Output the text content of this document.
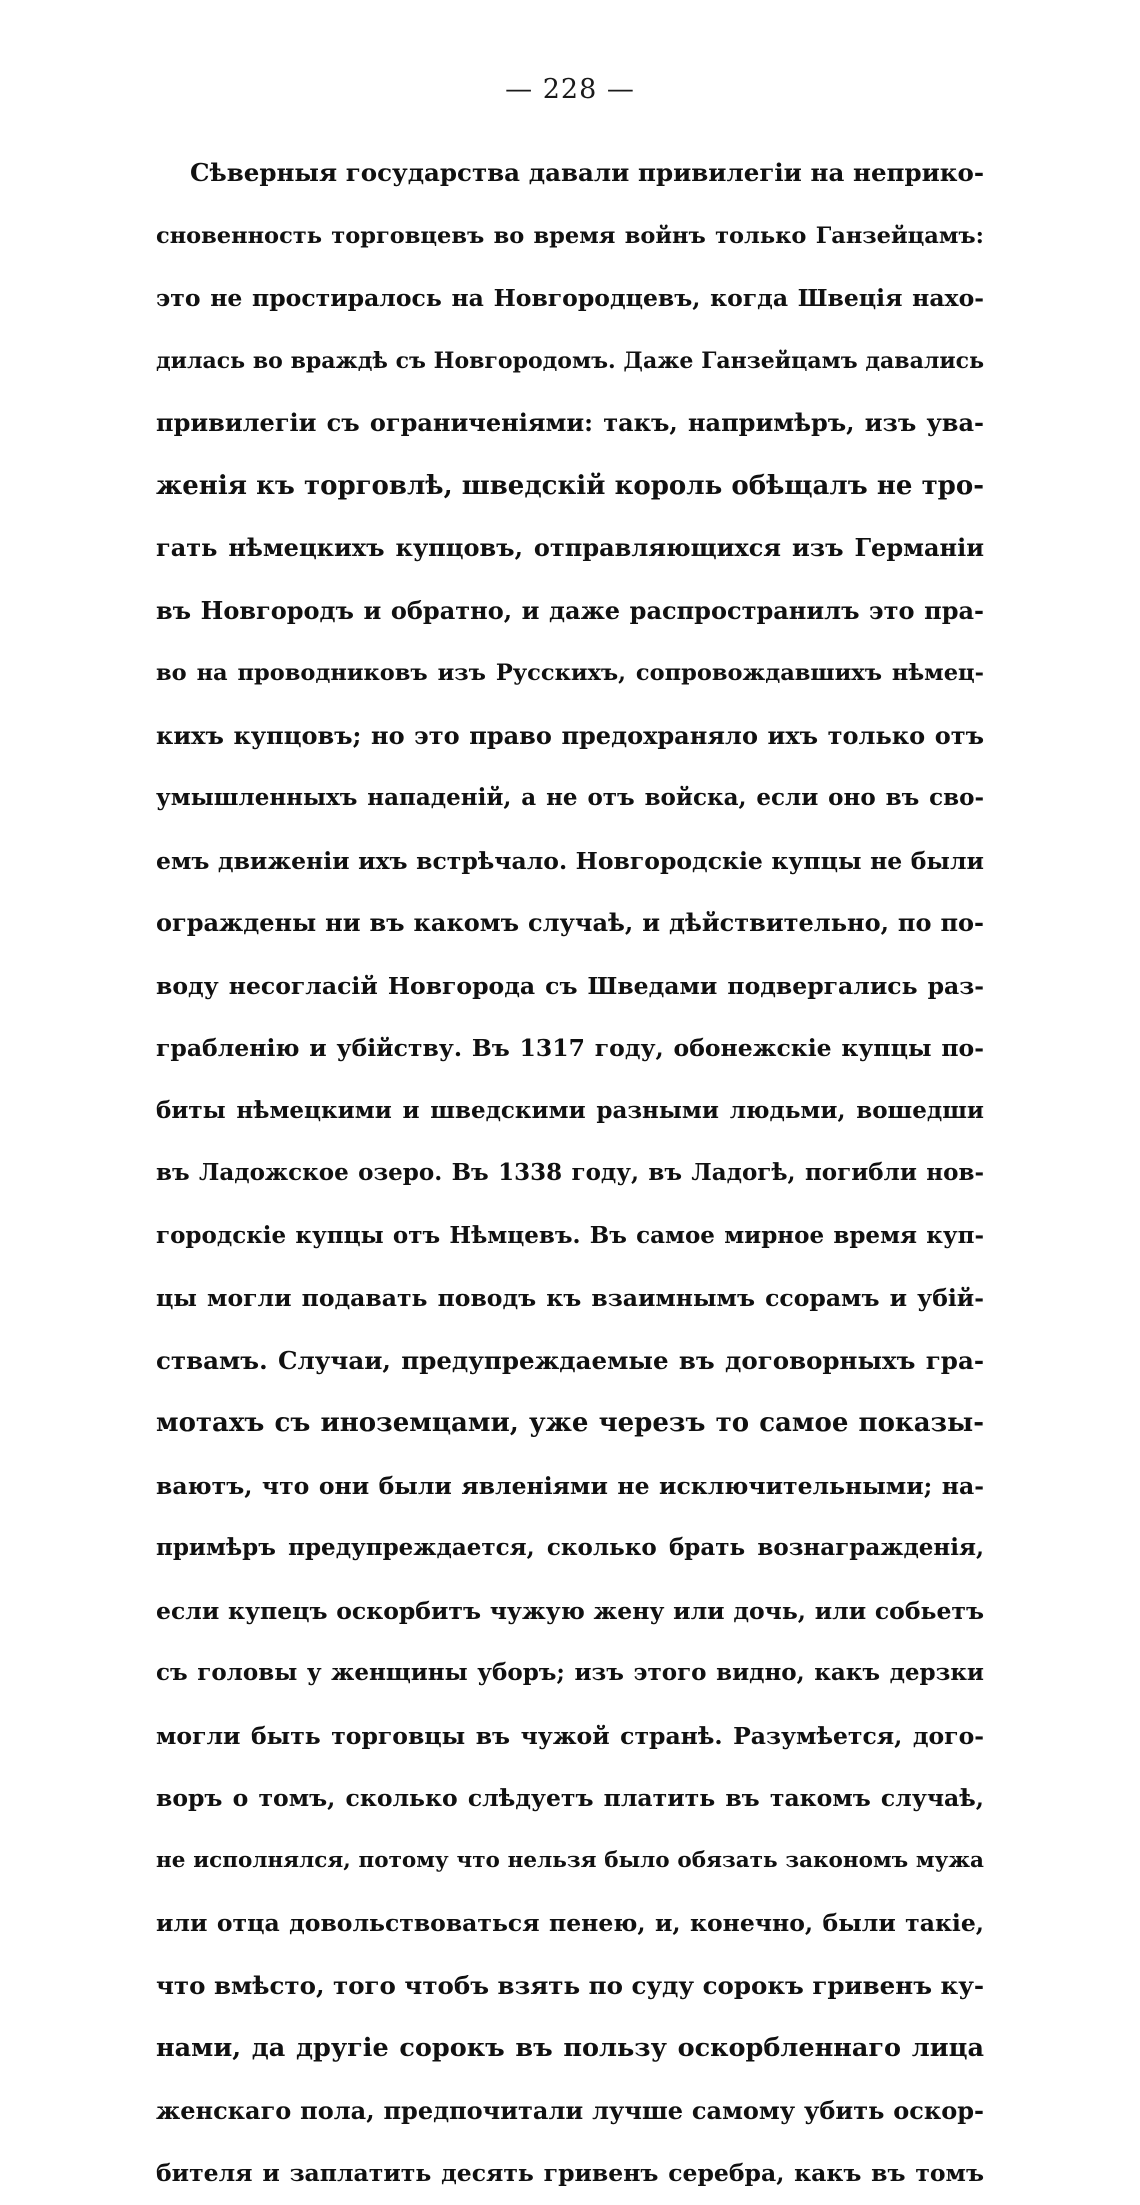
— 228 —
Сѣверныя государства давали привилегіи на неприко-
сновенность торговцевъ во время войнъ только Ганзейцамъ:
это не простиралось на Новгородцевъ, когда Швеція нахо-
дилась во враждѣ съ Новгородомъ. Даже Ганзейцамъ давались
привилегіи съ ограниченіями: такъ, напримѣръ, изъ ува-
женія къ торговлѣ, шведскій король обѣщалъ не тро-
гать нѣмецкихъ купцовъ, отправляющихся изъ Германіи
въ Новгородъ и обратно, и даже распространилъ это пра-
во на проводниковъ изъ Русскихъ, сопровождавшихъ нѣмец-
кихъ купцовъ; но это право предохраняло ихъ только отъ
умышленныхъ нападеній, а не отъ войска, если оно въ сво-
емъ движеніи ихъ встрѣчало. Новгородскіе купцы не были
ограждены ни въ какомъ случаѣ, и дѣйствительно, по по-
воду несогласій Новгорода съ Шведами подвергались раз-
грабленію и убійству. Въ 1317 году, обонежскіе купцы по-
биты нѣмецкими и шведскими разными людьми, вошедши
въ Ладожское озеро. Въ 1338 году, въ Ладогѣ, погибли нов-
городскіе купцы отъ Нѣмцевъ. Въ самое мирное время куп-
цы могли подавать поводъ къ взаимнымъ ссорамъ и убій-
ствамъ. Случаи, предупреждаемые въ договорныхъ гра-
мотахъ съ иноземцами, уже черезъ то самое показы-
ваютъ, что они были явленіями не исключительными; на-
примѣръ предупреждается, сколько брать вознагражденія,
если купецъ оскорбитъ чужую жену или дочь, или собьетъ
съ головы у женщины уборъ; изъ этого видно, какъ дерзки
могли быть торговцы въ чужой странѣ. Разумѣется, дого-
воръ о томъ, сколько слѣдуетъ платить въ такомъ случаѣ,
не исполнялся, потому что нельзя было обязать закономъ мужа
или отца довольствоваться пенею, и, конечно, были такіе,
что вмѣсто, того чтобъ взять по суду сорокъ гривенъ ку-
нами, да другіе сорокъ въ пользу оскорбленнаго лица
женскаго пола, предпочитали лучше самому убить оскор-
бителя и заплатить десять гривенъ серебра, какъ въ томъ
